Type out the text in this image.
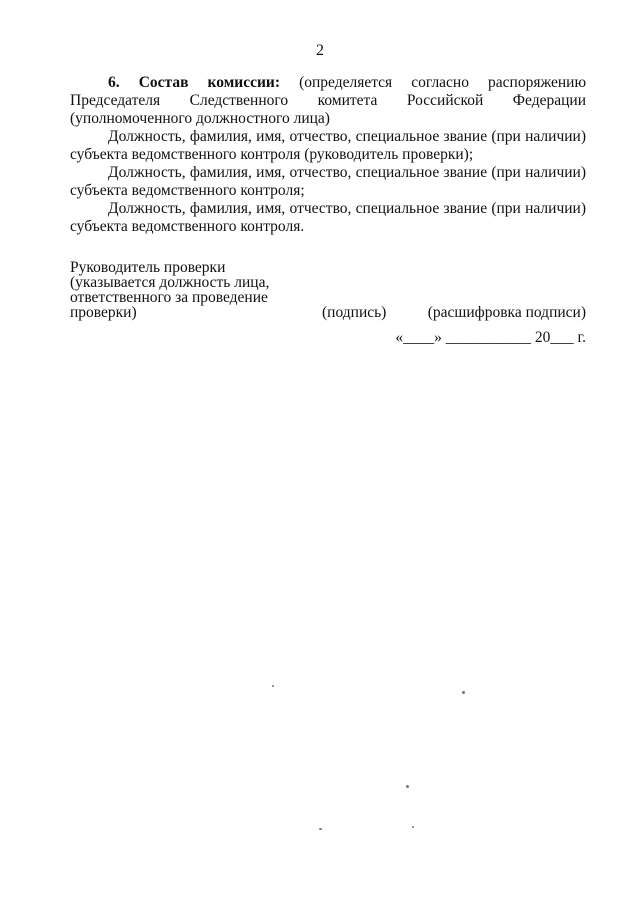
2

6. Состав комиссии: (определяется согласно распоряжению

Председателя Следственного комитета Российской Федерации

(уполномоченного должностного лица)

Должность, фамилия, имя, отчество, специальное звание (при наличии)

субъекта ведомственного контроля (руководитель проверки);

Должность, фамилия, имя, отчество, специальное звание (при наличии)

субъекта ведомственного контроля;

Должность, фамилия, имя, отчество, специальное звание (при наличии)

субъекта ведомственного контроля.

Руководитель проверки
(указывается должность лица,
ответственного за проведение
проверки)	(подпись)	(расшифровка подписи)
«____» ___________ 20___ г.
